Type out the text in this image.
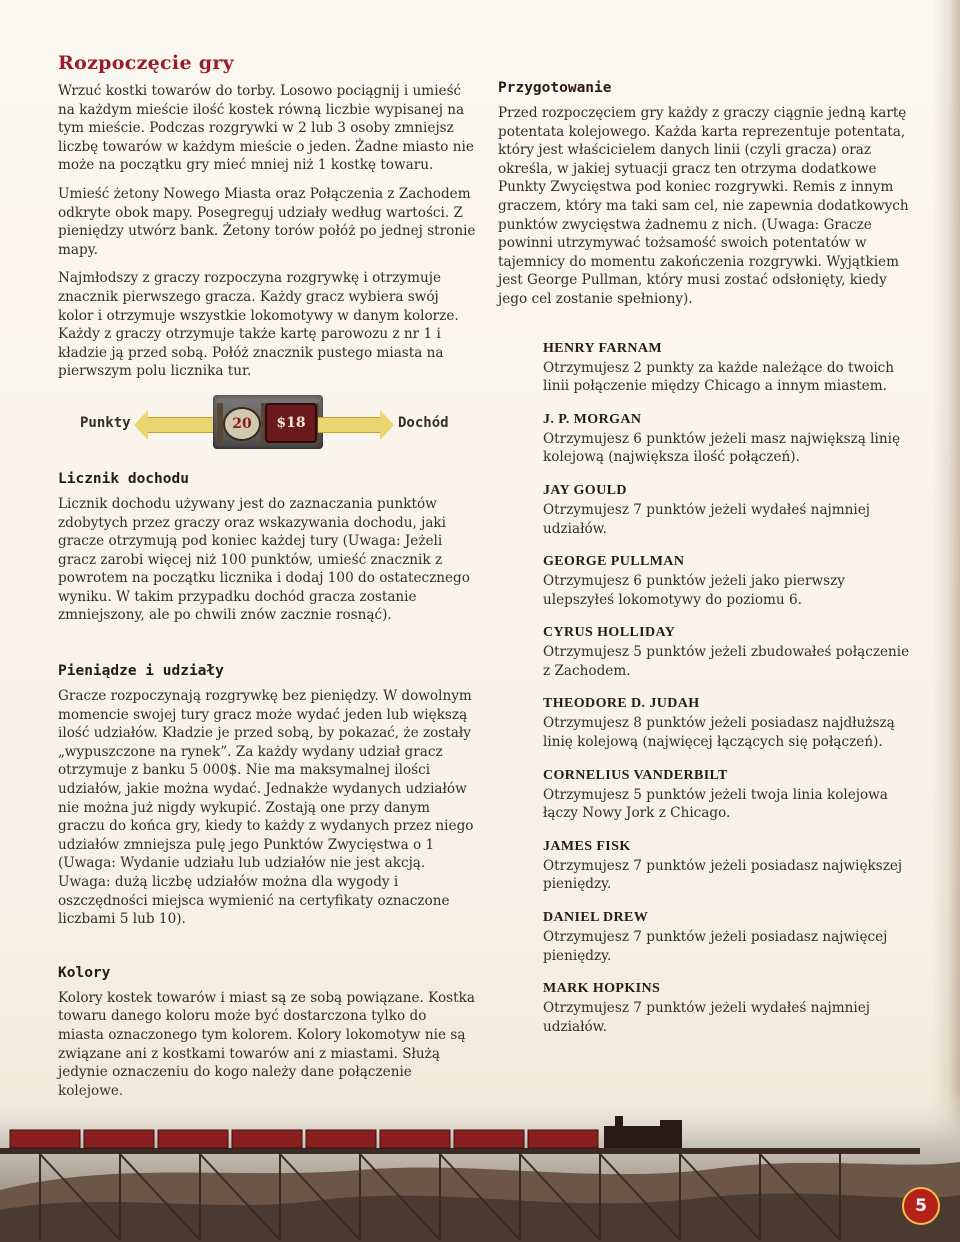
Rozpoczęcie gry

Wrzuć kostki towarów do torby. Losowo pociągnij i umieść na każdym mieście ilość kostek równą liczbie wypisanej na tym mieście. Podczas rozgrywki w 2 lub 3 osoby zmniejsz liczbę towarów w każdym mieście o jeden. Żadne miasto nie może na początku gry mieć mniej niż 1 kostkę towaru.

Umieść żetony Nowego Miasta oraz Połączenia z Zachodem odkryte obok mapy. Posegreguj udziały według wartości. Z pieniędzy utwórz bank. Żetony torów połóż po jednej stronie mapy.

Najmłodszy z graczy rozpoczyna rozgrywkę i otrzymuje znacznik pierwszego gracza. Każdy gracz wybiera swój kolor i otrzymuje wszystkie lokomotywy w danym kolorze. Każdy z graczy otrzymuje także kartę parowozu z nr 1 i kładzie ją przed sobą. Połóż znacznik pustego miasta na pierwszym polu licznika tur.

Punkty	20	$18	Dochód
Licznik dochodu

Licznik dochodu używany jest do zaznaczania punktów zdobytych przez graczy oraz wskazywania dochodu, jaki gracze otrzymują pod koniec każdej tury (Uwaga: Jeżeli gracz zarobi więcej niż 100 punktów, umieść znacznik z powrotem na początku licznika i dodaj 100 do ostatecznego wyniku. W takim przypadku dochód gracza zostanie zmniejszony, ale po chwili znów zacznie rosnąć).

Pieniądze i udziały

Gracze rozpoczynają rozgrywkę bez pieniędzy. W dowolnym momencie swojej tury gracz może wydać jeden lub większą ilość udziałów. Kładzie je przed sobą, by pokazać, że zostały „wypuszczone na rynek”. Za każdy wydany udział gracz otrzymuje z banku 5 000$. Nie ma maksymalnej ilości udziałów, jakie można wydać. Jednakże wydanych udziałów nie można już nigdy wykupić. Zostają one przy danym graczu do końca gry, kiedy to każdy z wydanych przez niego udziałów zmniejsza pulę jego Punktów Zwycięstwa o 1 (Uwaga: Wydanie udziału lub udziałów nie jest akcją. Uwaga: dużą liczbę udziałów można dla wygody i oszczędności miejsca wymienić na certyfikaty oznaczone liczbami 5 lub 10).

Kolory

Kolory kostek towarów i miast są ze sobą powiązane. Kostka towaru danego koloru może być dostarczona tylko do miasta oznaczonego tym kolorem. Kolory lokomotyw nie są związane ani z kostkami towarów ani z miastami. Służą jedynie oznaczeniu do kogo należy dane połączenie

Przygotowanie

Przed rozpoczęciem gry każdy z graczy ciągnie jedną kartę potentata kolejowego. Każda karta reprezentuje potentata, który jest właścicielem danych linii (czyli gracza) oraz określa, w jakiej sytuacji gracz ten otrzyma dodatkowe Punkty Zwycięstwa pod koniec rozgrywki. Remis z innym graczem, który ma taki sam cel, nie zapewnia dodatkowych punktów zwycięstwa żadnemu z nich. (Uwaga: Gracze powinni utrzymywać tożsamość swoich potentatów w tajemnicy do momentu zakończenia rozgrywki. Wyjątkiem jest George Pullman, który musi zostać odsłonięty, kiedy jego cel zostanie spełniony).

HENRY FARNAM
Otrzymujesz 2 punkty za każde należące do twoich linii połączenie między Chicago a innym miastem.
J. P. MORGAN
Otrzymujesz 6 punktów jeżeli masz największą linię kolejową (największa ilość połączeń).
JAY GOULD
Otrzymujesz 7 punktów jeżeli wydałeś najmniej udziałów.
GEORGE PULLMAN
Otrzymujesz 6 punktów jeżeli jako pierwszy ulepszyłeś lokomotywy do poziomu 6.
CYRUS HOLLIDAY
Otrzymujesz 5 punktów jeżeli zbudowałeś połączenie z Zachodem.
THEODORE D. JUDAH
Otrzymujesz 8 punktów jeżeli posiadasz najdłuższą linię kolejową (najwięcej łączących się połączeń).
CORNELIUS VANDERBILT
Otrzymujesz 5 punktów jeżeli twoja linia kolejowa łączy Nowy Jork z Chicago.
JAMES FISK
Otrzymujesz 7 punktów jeżeli posiadasz największej pieniędzy.
DANIEL DREW
Otrzymujesz 7 punktów jeżeli posiadasz najwięcej pieniędzy.
MARK HOPKINS
Otrzymujesz 7 punktów jeżeli wydałeś najmniej udziałów.
5
